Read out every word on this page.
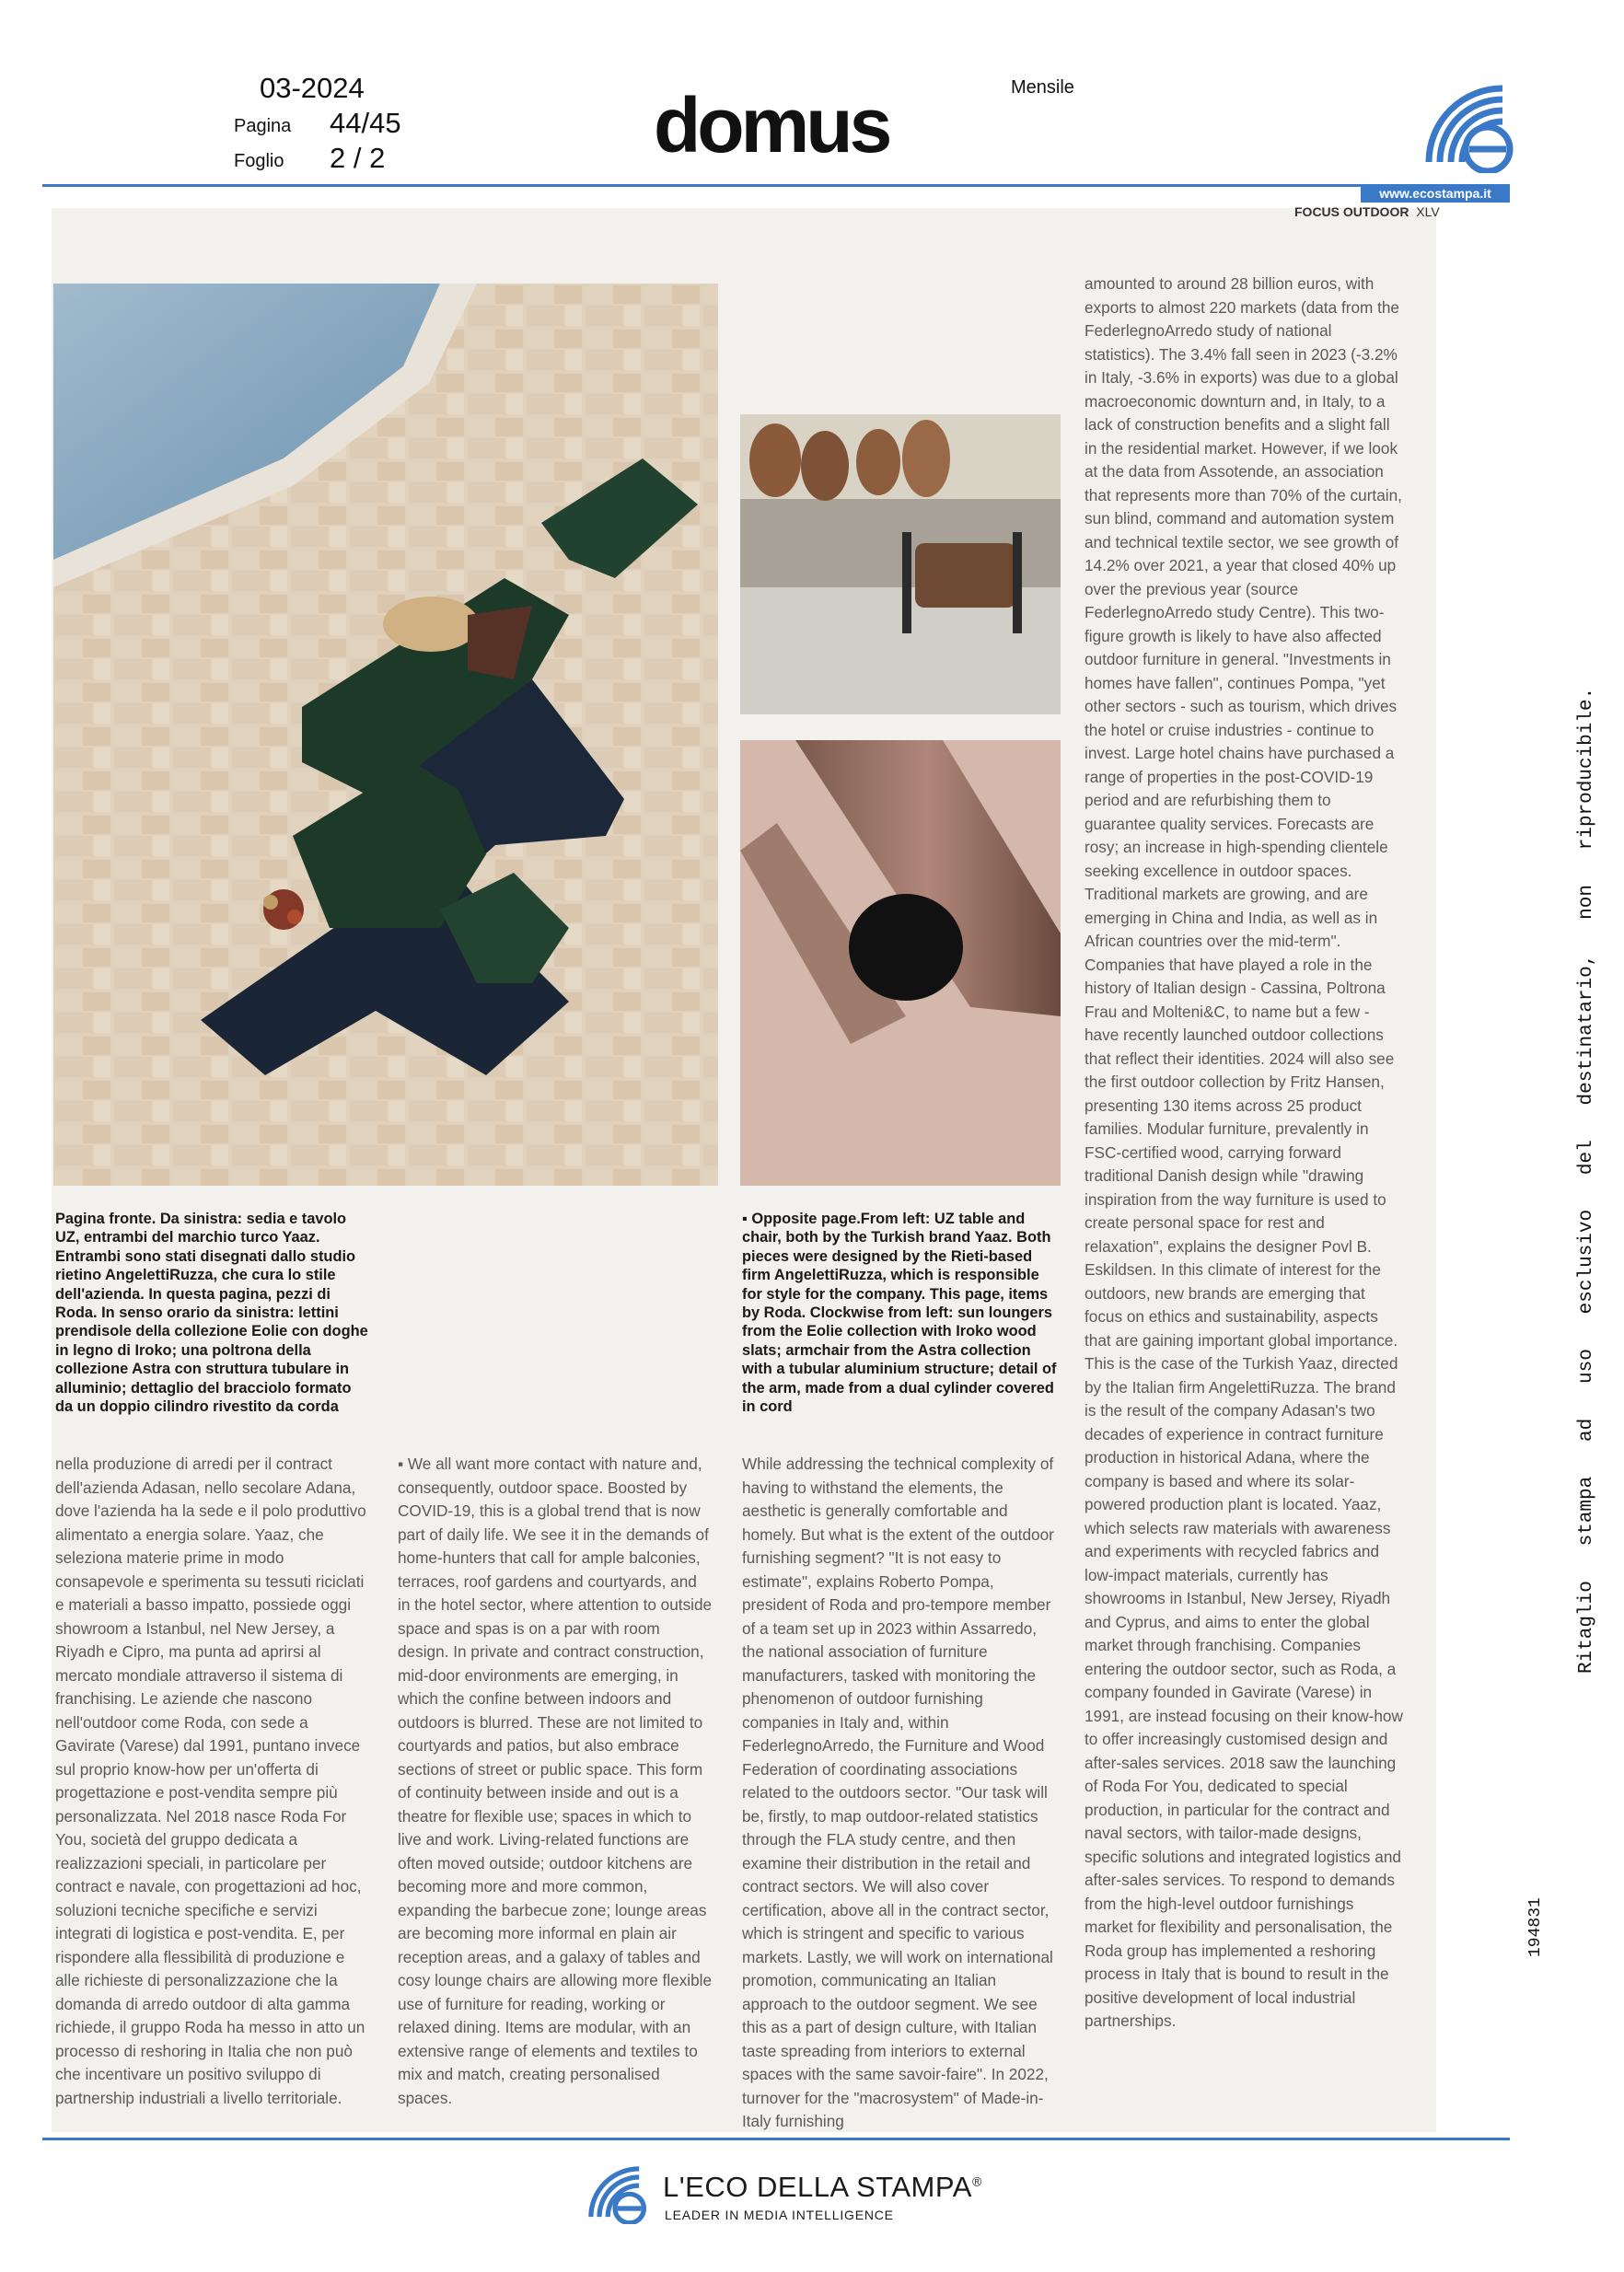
03-2024
Pagina 44/45
Foglio 2 / 2	domus	Mensile
www.ecostampa.it
FOCUS OUTDOOR XLV
Pagina fronte. Da sinistra: sedia e tavolo UZ, entrambi del marchio turco Yaaz. Entrambi sono stati disegnati dallo studio rietino AngelettiRuzza, che cura lo stile dell'azienda. In questa pagina, pezzi di Roda. In senso orario da sinistra: lettini prendisole della collezione Eolie con doghe in legno di Iroko; una poltrona della collezione Astra con struttura tubulare in alluminio; dettaglio del bracciolo formato da un doppio cilindro rivestito da corda
▪ Opposite page.From left: UZ table and chair, both by the Turkish brand Yaaz. Both pieces were designed by the Rieti-based firm AngelettiRuzza, which is responsible for style for the company. This page, items by Roda. Clockwise from left: sun loungers from the Eolie collection with Iroko wood slats; armchair from the Astra collection with a tubular aluminium structure; detail of the arm, made from a dual cylinder covered in cord
nella produzione di arredi per il contract dell'azienda Adasan, nello secolare Adana, dove l'azienda ha la sede e il polo produttivo alimentato a energia solare. Yaaz, che seleziona materie prime in modo consapevole e sperimenta su tessuti riciclati e materiali a basso impatto, possiede oggi showroom a Istanbul, nel New Jersey, a Riyadh e Cipro, ma punta ad aprirsi al mercato mondiale attraverso il sistema di franchising. Le aziende che nascono nell'outdoor come Roda, con sede a Gavirate (Varese) dal 1991, puntano invece sul proprio know-how per un'offerta di progettazione e post-vendita sempre più personalizzata. Nel 2018 nasce Roda For You, società del gruppo dedicata a realizzazioni speciali, in particolare per contract e navale, con progettazioni ad hoc, soluzioni tecniche specifiche e servizi integrati di logistica e post-vendita. E, per rispondere alla flessibilità di produzione e alle richieste di personalizzazione che la domanda di arredo outdoor di alta gamma richiede, il gruppo Roda ha messo in atto un processo di reshoring in Italia che non può che incentivare un positivo sviluppo di partnership industriali a livello territoriale.
▪ We all want more contact with nature and, consequently, outdoor space. Boosted by COVID-19, this is a global trend that is now part of daily life. We see it in the demands of home-hunters that call for ample balconies, terraces, roof gardens and courtyards, and in the hotel sector, where attention to outside space and spas is on a par with room design. In private and contract construction, mid-door environments are emerging, in which the confine between indoors and outdoors is blurred. These are not limited to courtyards and patios, but also embrace sections of street or public space. This form of continuity between inside and out is a theatre for flexible use; spaces in which to live and work. Living-related functions are often moved outside; outdoor kitchens are becoming more and more common, expanding the barbecue zone; lounge areas are becoming more informal en plain air reception areas, and a galaxy of tables and cosy lounge chairs are allowing more flexible use of furniture for reading, working or relaxed dining. Items are modular, with an extensive range of elements and textiles to mix and match, creating personalised spaces.
While addressing the technical complexity of having to withstand the elements, the aesthetic is generally comfortable and homely. But what is the extent of the outdoor furnishing segment? "It is not easy to estimate", explains Roberto Pompa, president of Roda and pro-tempore member of a team set up in 2023 within Assarredo, the national association of furniture manufacturers, tasked with monitoring the phenomenon of outdoor furnishing companies in Italy and, within FederlegnoArredo, the Furniture and Wood Federation of coordinating associations related to the outdoors sector. "Our task will be, firstly, to map outdoor-related statistics through the FLA study centre, and then examine their distribution in the retail and contract sectors. We will also cover certification, above all in the contract sector, which is stringent and specific to various markets. Lastly, we will work on international promotion, communicating an Italian approach to the outdoor segment. We see this as a part of design culture, with Italian taste spreading from interiors to external spaces with the same savoir-faire". In 2022, turnover for the "macrosystem" of Made-in-Italy furnishing
amounted to around 28 billion euros, with exports to almost 220 markets (data from the FederlegnoArredo study of national statistics). The 3.4% fall seen in 2023 (-3.2% in Italy, -3.6% in exports) was due to a global macroeconomic downturn and, in Italy, to a lack of construction benefits and a slight fall in the residential market. However, if we look at the data from Assotende, an association that represents more than 70% of the curtain, sun blind, command and automation system and technical textile sector, we see growth of 14.2% over 2021, a year that closed 40% up over the previous year (source FederlegnoArredo study Centre). This two-figure growth is likely to have also affected outdoor furniture in general. "Investments in homes have fallen", continues Pompa, "yet other sectors - such as tourism, which drives the hotel or cruise industries - continue to invest. Large hotel chains have purchased a range of properties in the post-COVID-19 period and are refurbishing them to guarantee quality services. Forecasts are rosy; an increase in high-spending clientele seeking excellence in outdoor spaces. Traditional markets are growing, and are emerging in China and India, as well as in African countries over the mid-term". Companies that have played a role in the history of Italian design - Cassina, Poltrona Frau and Molteni&C, to name but a few - have recently launched outdoor collections that reflect their identities. 2024 will also see the first outdoor collection by Fritz Hansen, presenting 130 items across 25 product families. Modular furniture, prevalently in FSC-certified wood, carrying forward traditional Danish design while "drawing inspiration from the way furniture is used to create personal space for rest and relaxation", explains the designer Povl B. Eskildsen. In this climate of interest for the outdoors, new brands are emerging that focus on ethics and sustainability, aspects that are gaining important global importance. This is the case of the Turkish Yaaz, directed by the Italian firm AngelettiRuzza. The brand is the result of the company Adasan's two decades of experience in contract furniture production in historical Adana, where the company is based and where its solar-powered production plant is located. Yaaz, which selects raw materials with awareness and experiments with recycled fabrics and low-impact materials, currently has showrooms in Istanbul, New Jersey, Riyadh and Cyprus, and aims to enter the global market through franchising. Companies entering the outdoor sector, such as Roda, a company founded in Gavirate (Varese) in 1991, are instead focusing on their know-how to offer increasingly customised design and after-sales services. 2018 saw the launching of Roda For You, dedicated to special production, in particular for the contract and naval sectors, with tailor-made designs, specific solutions and integrated logistics and after-sales services. To respond to demands from the high-level outdoor furnishings market for flexibility and personalisation, the Roda group has implemented a reshoring process in Italy that is bound to result in the positive development of local industrial partnerships.
Ritaglio   stampa   ad   uso   esclusivo   del   destinatario,   non   riproducibile.
194831
L'ECO DELLA STAMPA®
LEADER IN MEDIA INTELLIGENCE
